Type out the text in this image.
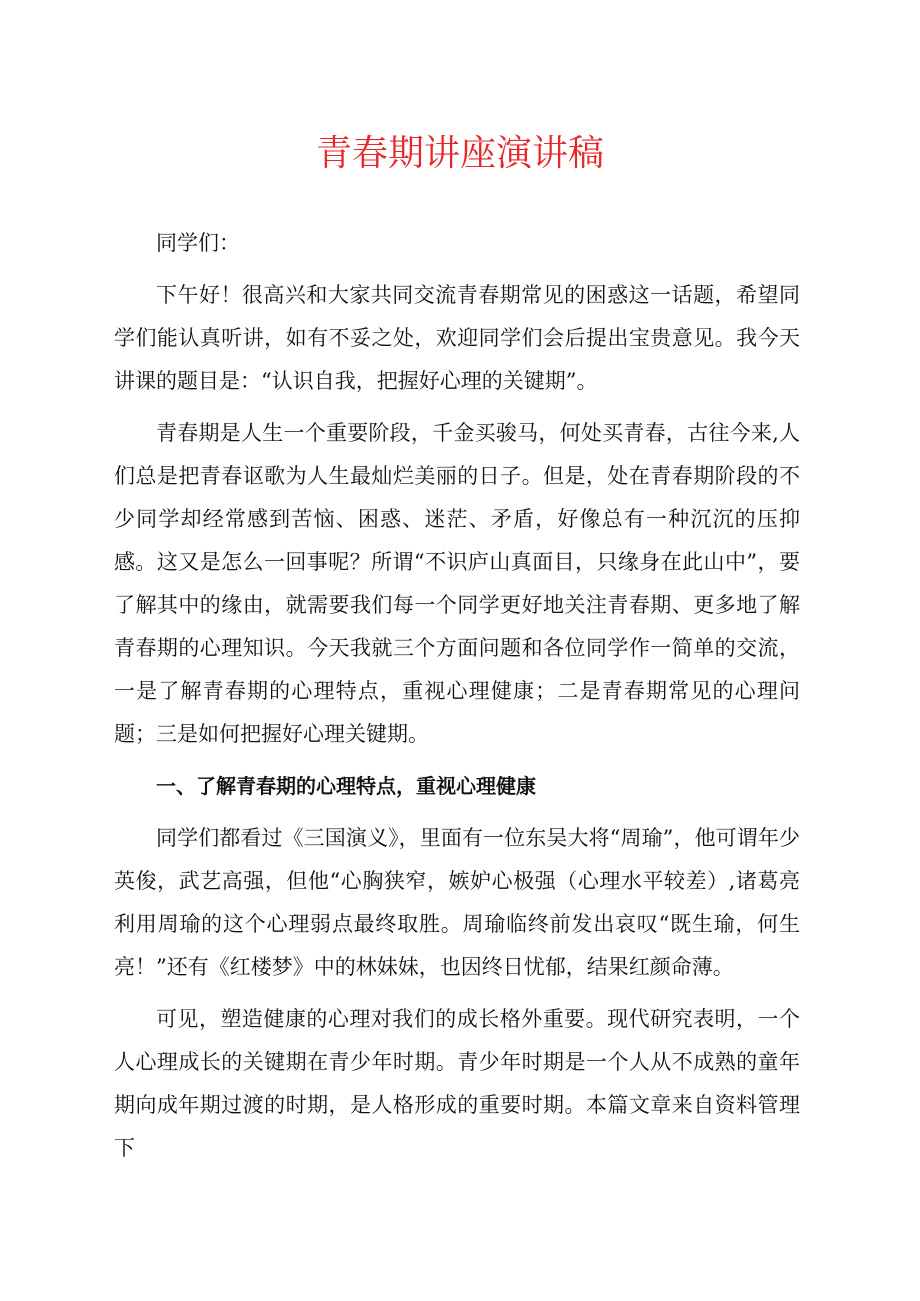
青春期讲座演讲稿

同学们：

下午好！很高兴和大家共同交流青春期常见的困惑这一话题，希望同学们能认真听讲，如有不妥之处，欢迎同学们会后提出宝贵意见。我今天讲课的题目是：“认识自我，把握好心理的关键期”。

青春期是人生一个重要阶段，千金买骏马，何处买青春，古往今来,人们总是把青春讴歌为人生最灿烂美丽的日子。但是，处在青春期阶段的不少同学却经常感到苦恼、困惑、迷茫、矛盾，好像总有一种沉沉的压抑感。这又是怎么一回事呢？所谓“不识庐山真面目，只缘身在此山中”，要了解其中的缘由，就需要我们每一个同学更好地关注青春期、更多地了解青春期的心理知识。今天我就三个方面问题和各位同学作一简单的交流，一是了解青春期的心理特点，重视心理健康；二是青春期常见的心理问题；三是如何把握好心理关键期。

一、了解青春期的心理特点，重视心理健康

同学们都看过《三国演义》，里面有一位东吴大将“周瑜”，他可谓年少英俊，武艺高强，但他“心胸狭窄，嫉妒心极强（心理水平较差）,诸葛亮利用周瑜的这个心理弱点最终取胜。周瑜临终前发出哀叹“既生瑜，何生亮！”还有《红楼梦》中的林妹妹，也因终日忧郁，结果红颜命薄。

可见，塑造健康的心理对我们的成长格外重要。现代研究表明，一个人心理成长的关键期在青少年时期。青少年时期是一个人从不成熟的童年期向成年期过渡的时期，是人格形成的重要时期。本篇文章来自资料管理下
